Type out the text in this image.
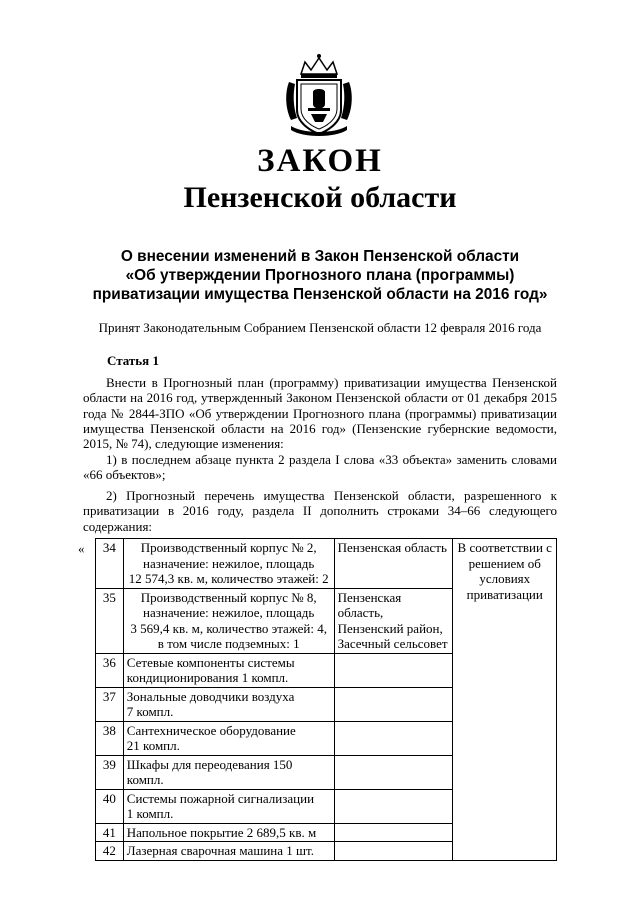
ЗАКОН
Пензенской области
О внесении изменений в Закон Пензенской области
«Об утверждении Прогнозного плана (программы)
приватизации имущества Пензенской области на 2016 год»
Принят Законодательным Собранием Пензенской области 12 февраля 2016 года
Статья 1
Внести в Прогнозный план (программу) приватизации имущества Пензенской области на 2016 год, утвержденный Законом Пензенской области от 01 декабря 2015 года № 2844-ЗПО «Об утверждении Прогнозного плана (программы) приватизации имущества Пензенской области на 2016 год» (Пензенские губернские ведомости, 2015, № 74), следующие изменения:
1) в последнем абзаце пункта 2 раздела I слова «33 объекта» заменить словами «66 объектов»;
2) Прогнозный перечень имущества Пензенской области, разрешенного к приватизации в 2016 году, раздела II дополнить строками 34–66 следующего содержания:
« 34	Производственный корпус № 2,
назначение: нежилое, площадь
12 574,3 кв. м, количество этажей: 2	Пензенская область	В соответствии с решением об условиях приватизации
35	Производственный корпус № 8,
назначение: нежилое, площадь
3 569,4 кв. м, количество этажей: 4,
в том числе подземных: 1	Пензенская область, Пензенский район, Засечный сельсовет	
36	Сетевые компоненты системы
кондиционирования 1 компл.		

37	Зональные доводчики воздуха
7 компл.		

38	Сантехническое оборудование
21 компл.		

39	Шкафы для переодевания 150 компл.		

40	Системы пожарной сигнализации
1 компл.		

41	Напольное покрытие 2 689,5 кв. м		

42	Лазерная сварочная машина 1 шт.		
